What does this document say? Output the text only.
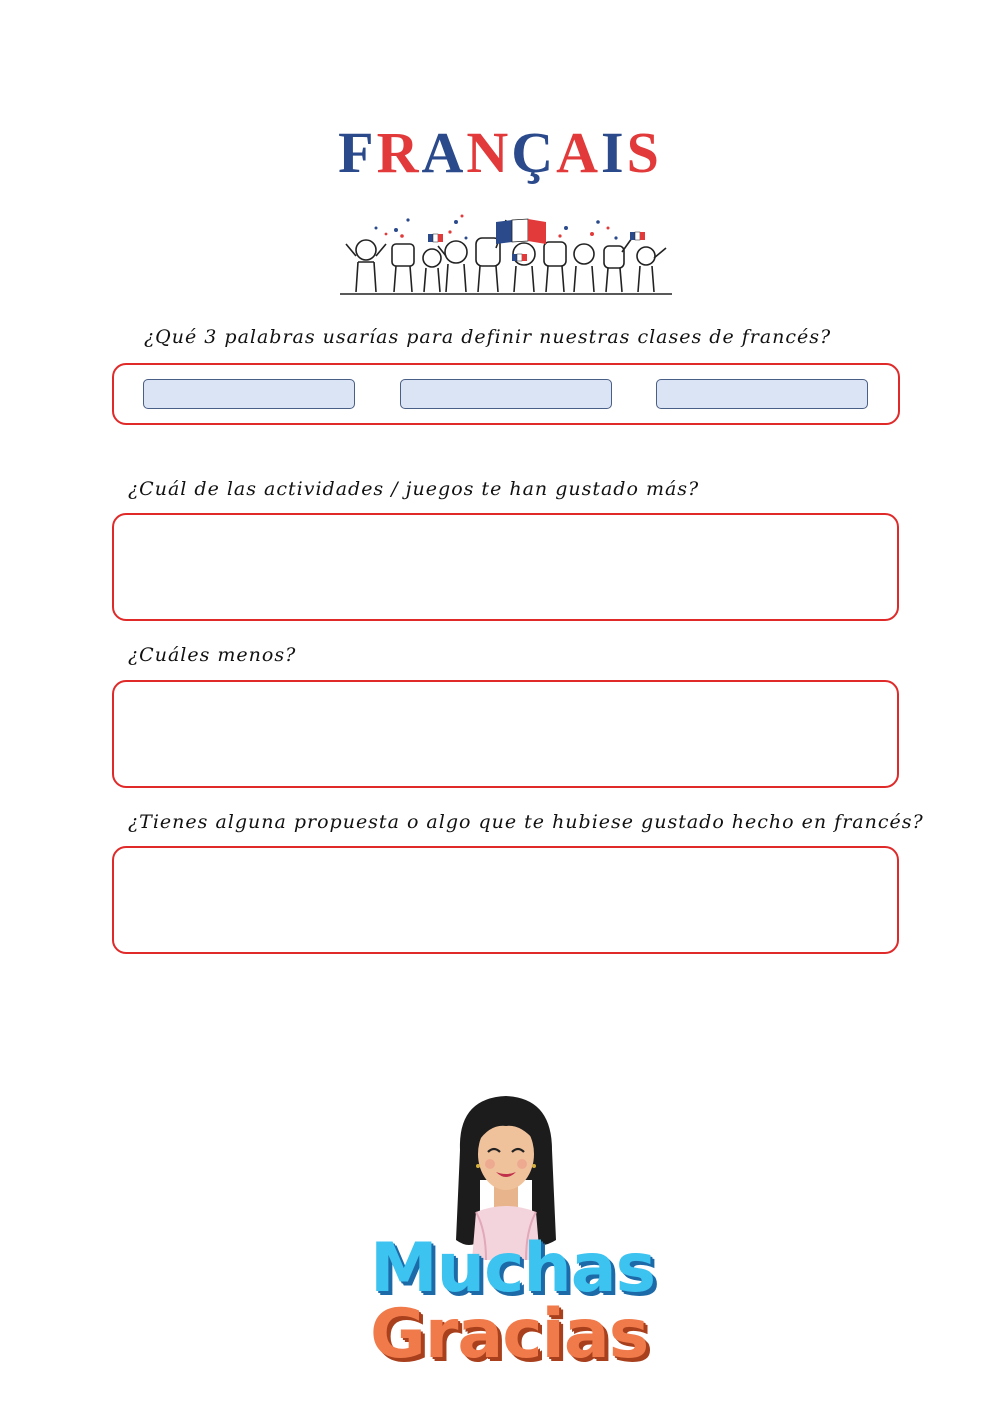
FRANÇAIS
¿Qué 3 palabras usarías para definir nuestras clases de francés?
¿Cuál de las actividades / juegos te han gustado más?
¿Cuáles menos?
¿Tienes alguna propuesta o algo que te hubiese gustado hecho en francés?
Muchas
Gracias
